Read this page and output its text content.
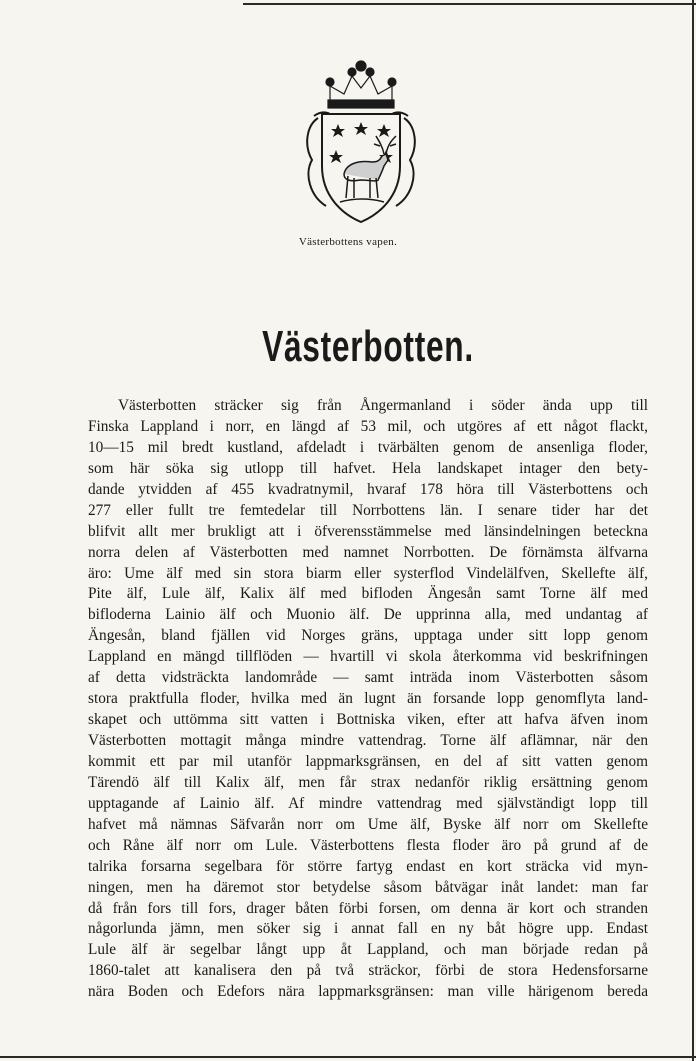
Västerbottens vapen.
Västerbotten.
Västerbotten sträcker sig från Ångermanland i söder ända upp till
Finska Lappland i norr, en längd af 53 mil, och utgöres af ett något flackt,
10—15 mil bredt kustland, afdeladt i tvärbälten genom de ansenliga floder,
som här söka sig utlopp till hafvet. Hela landskapet intager den bety-
dande ytvidden af 455 kvadratnymil, hvaraf 178 höra till Västerbottens och
277 eller fullt tre femtedelar till Norrbottens län. I senare tider har det
blifvit allt mer brukligt att i öfverensstämmelse med länsindelningen beteckna
norra delen af Västerbotten med namnet Norrbotten. De förnämsta älfvarna
äro: Ume älf med sin stora biarm eller systerflod Vindelälfven, Skellefte älf,
Pite älf, Lule älf, Kalix älf med bifloden Ängesån samt Torne älf med
bifloderna Lainio älf och Muonio älf. De upprinna alla, med undantag af
Ängesån, bland fjällen vid Norges gräns, upptaga under sitt lopp genom
Lappland en mängd tillflöden — hvartill vi skola återkomma vid beskrifningen
af detta vidsträckta landområde — samt inträda inom Västerbotten såsom
stora praktfulla floder, hvilka med än lugnt än forsande lopp genomflyta land-
skapet och uttömma sitt vatten i Bottniska viken, efter att hafva äfven inom
Västerbotten mottagit många mindre vattendrag. Torne älf aflämnar, när den
kommit ett par mil utanför lappmarksgränsen, en del af sitt vatten genom
Tärendö älf till Kalix älf, men får strax nedanför riklig ersättning genom
upptagande af Lainio älf. Af mindre vattendrag med självständigt lopp till
hafvet må nämnas Säfvarån norr om Ume älf, Byske älf norr om Skellefte
och Råne älf norr om Lule. Västerbottens flesta floder äro på grund af de
talrika forsarna segelbara för större fartyg endast en kort sträcka vid myn-
ningen, men ha däremot stor betydelse såsom båtvägar inåt landet: man far
då från fors till fors, drager båten förbi forsen, om denna är kort och stranden
någorlunda jämn, men söker sig i annat fall en ny båt högre upp. Endast
Lule älf är segelbar långt upp åt Lappland, och man började redan på
1860-talet att kanalisera den på två sträckor, förbi de stora Hedensforsarne
nära Boden och Edefors nära lappmarksgränsen: man ville härigenom bereda
